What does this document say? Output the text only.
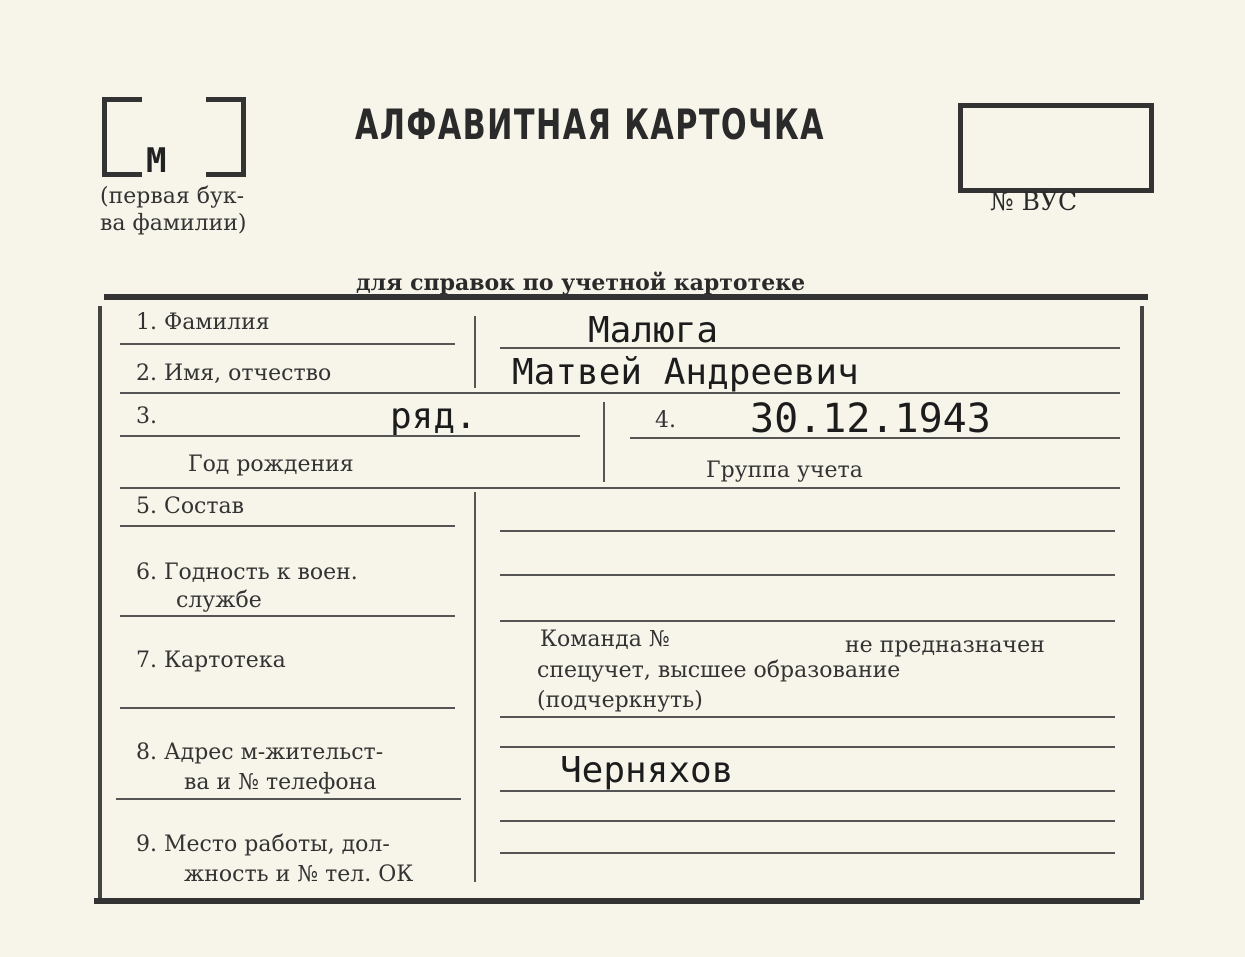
М
(первая бук-
ва фамилии)
АЛФАВИТНАЯ КАРТОЧКА
№ ВУС
для справок по учетной картотеке
1. Фамилия	Малюга
2. Имя, отчество	Матвей Андреевич
3.	ряд.
Год рождения
4. 30.12.1943
Группа учета
5. Состав
6. Годность к воен.
службе
7. Картотека
Команда №	не предназначен
спецучет, высшее образование
(подчеркнуть)
8. Адрес м-жительст-
ва и № телефона	Черняхов
9. Место работы, дол-
жность и № тел. ОК
